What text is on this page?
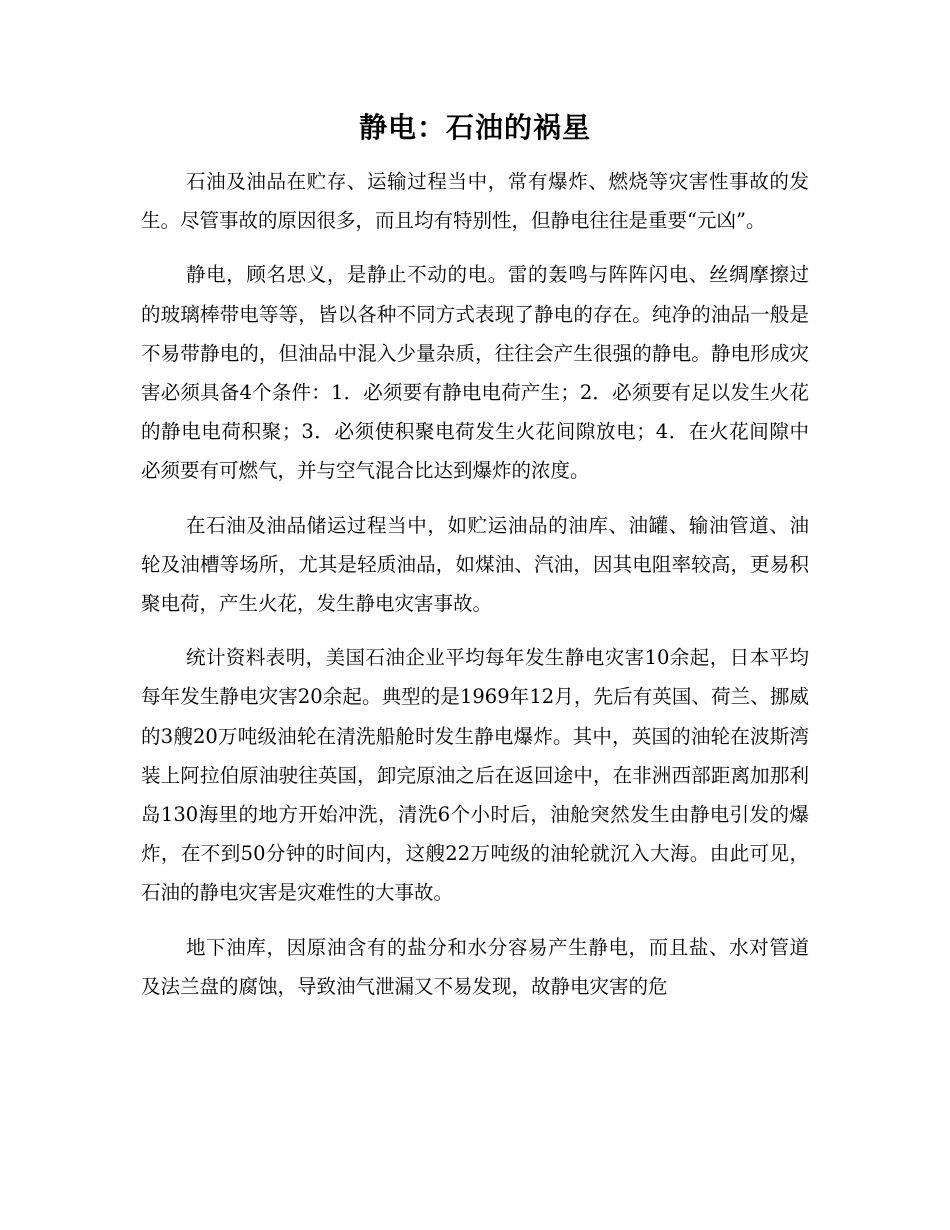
静电：石油的祸星

石油及油品在贮存、运输过程当中，常有爆炸、燃烧等灾害性事故的发生。尽管事故的原因很多，而且均有特别性，但静电往往是重要“元凶”。

静电，顾名思义，是静止不动的电。雷的轰鸣与阵阵闪电、丝绸摩擦过的玻璃棒带电等等，皆以各种不同方式表现了静电的存在。纯净的油品一般是不易带静电的，但油品中混入少量杂质，往往会产生很强的静电。静电形成灾害必须具备4个条件：1．必须要有静电电荷产生；2．必须要有足以发生火花的静电电荷积聚；3．必须使积聚电荷发生火花间隙放电；4．在火花间隙中必须要有可燃气，并与空气混合比达到爆炸的浓度。

在石油及油品储运过程当中，如贮运油品的油库、油罐、输油管道、油轮及油槽等场所，尤其是轻质油品，如煤油、汽油，因其电阻率较高，更易积聚电荷，产生火花，发生静电灾害事故。

统计资料表明，美国石油企业平均每年发生静电灾害10余起，日本平均每年发生静电灾害20余起。典型的是1969年12月，先后有英国、荷兰、挪威的3艘20万吨级油轮在清洗船舱时发生静电爆炸。其中，英国的油轮在波斯湾装上阿拉伯原油驶往英国，卸完原油之后在返回途中，在非洲西部距离加那利岛130海里的地方开始冲洗，清洗6个小时后，油舱突然发生由静电引发的爆炸，在不到50分钟的时间内，这艘22万吨级的油轮就沉入大海。由此可见，石油的静电灾害是灾难性的大事故。

地下油库，因原油含有的盐分和水分容易产生静电，而且盐、水对管道及法兰盘的腐蚀，导致油气泄漏又不易发现，故静电灾害的危
